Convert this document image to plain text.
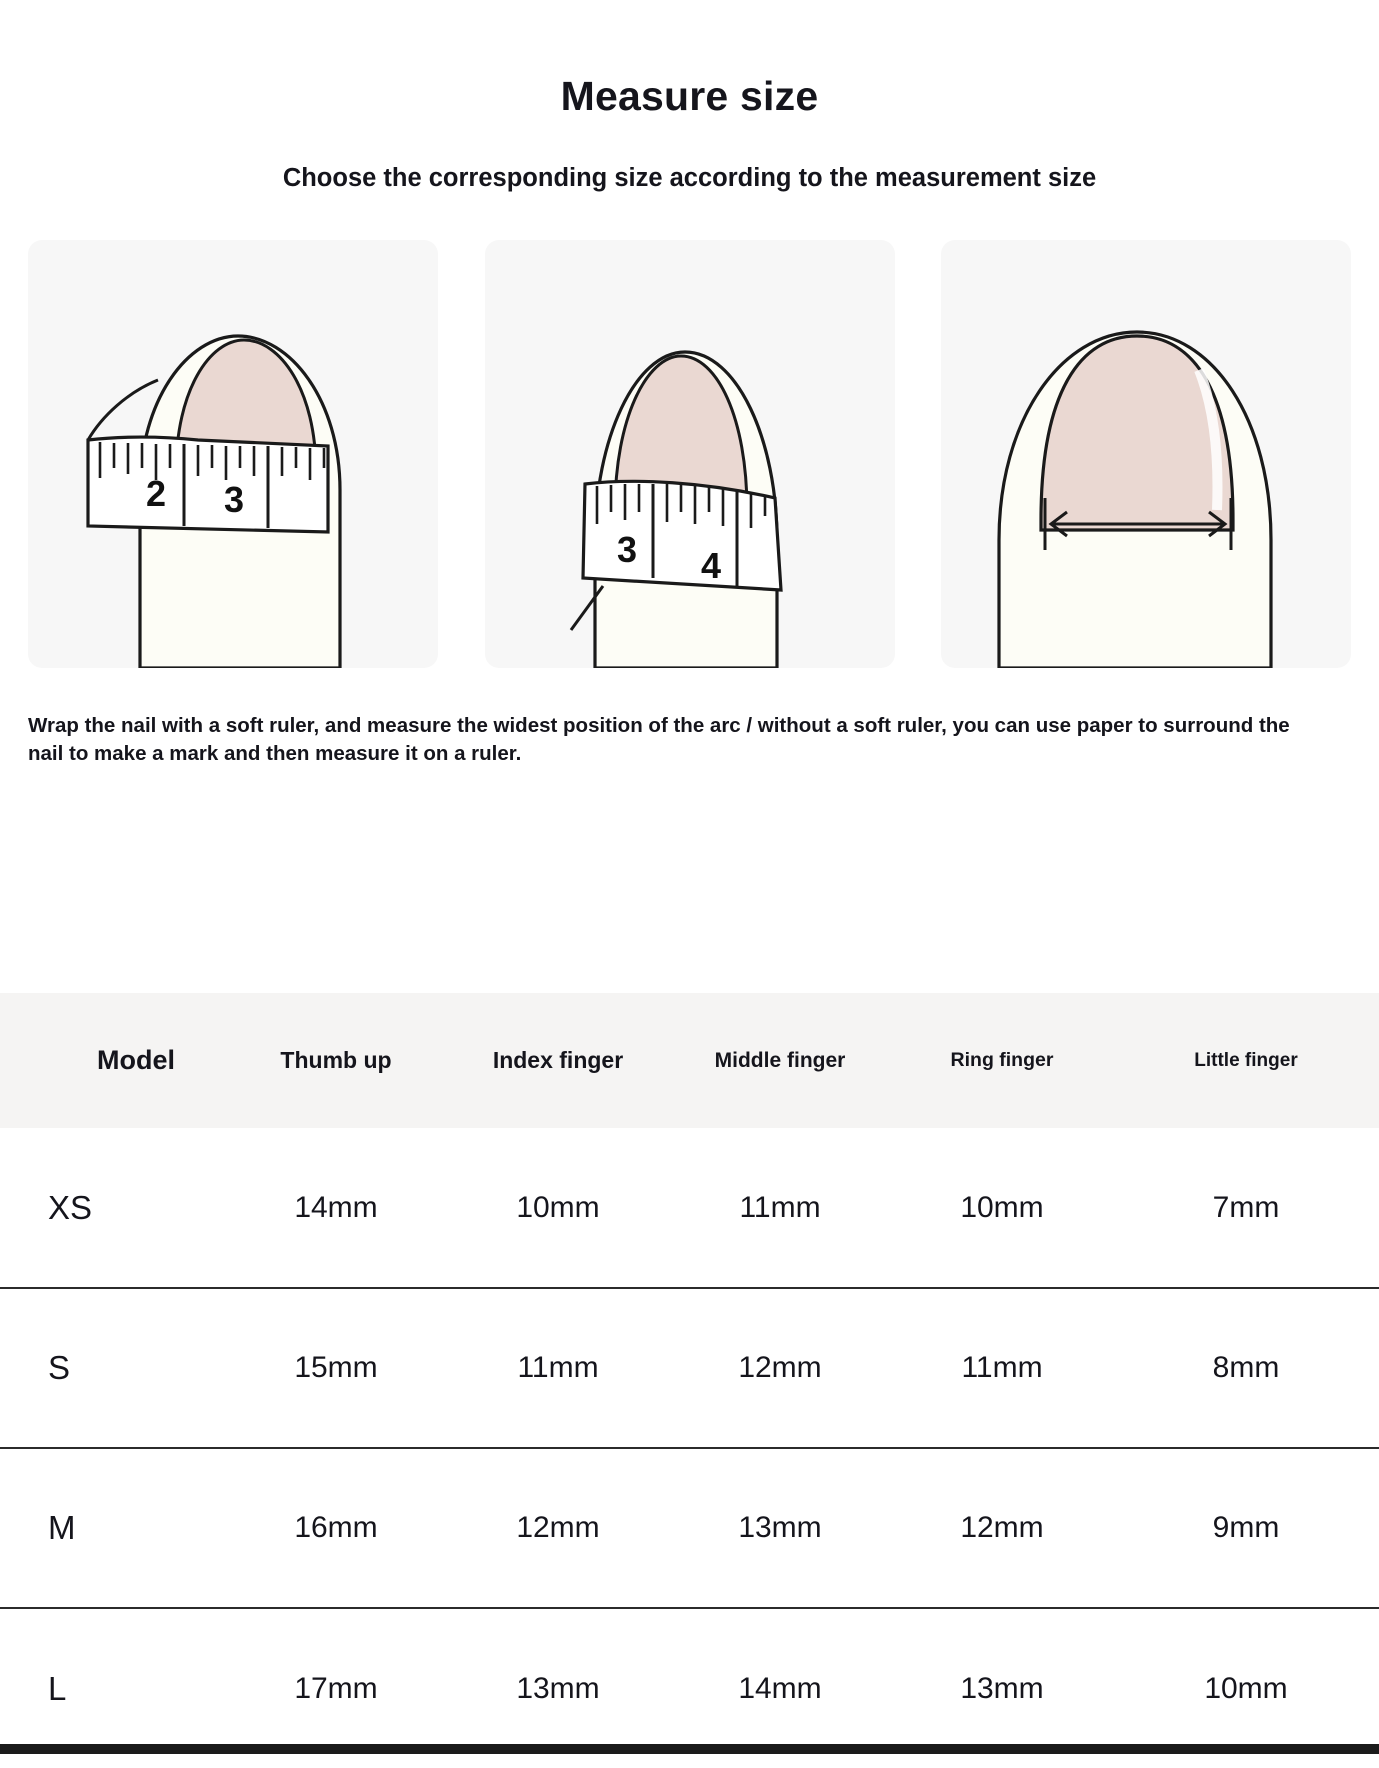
Measure size
Choose the corresponding size according to the measurement size
2 3
3 4

Wrap the nail with a soft ruler, and measure the widest position of the arc / without a soft ruler, you can use paper to surround the nail to make a mark and then measure it on a ruler.

Model	Thumb up	Index finger	Middle finger	Ring finger	Little finger
XS	14mm	10mm	11mm	10mm	7mm
S	15mm	11mm	12mm	11mm	8mm
M	16mm	12mm	13mm	12mm	9mm
L	17mm	13mm	14mm	13mm	10mm
